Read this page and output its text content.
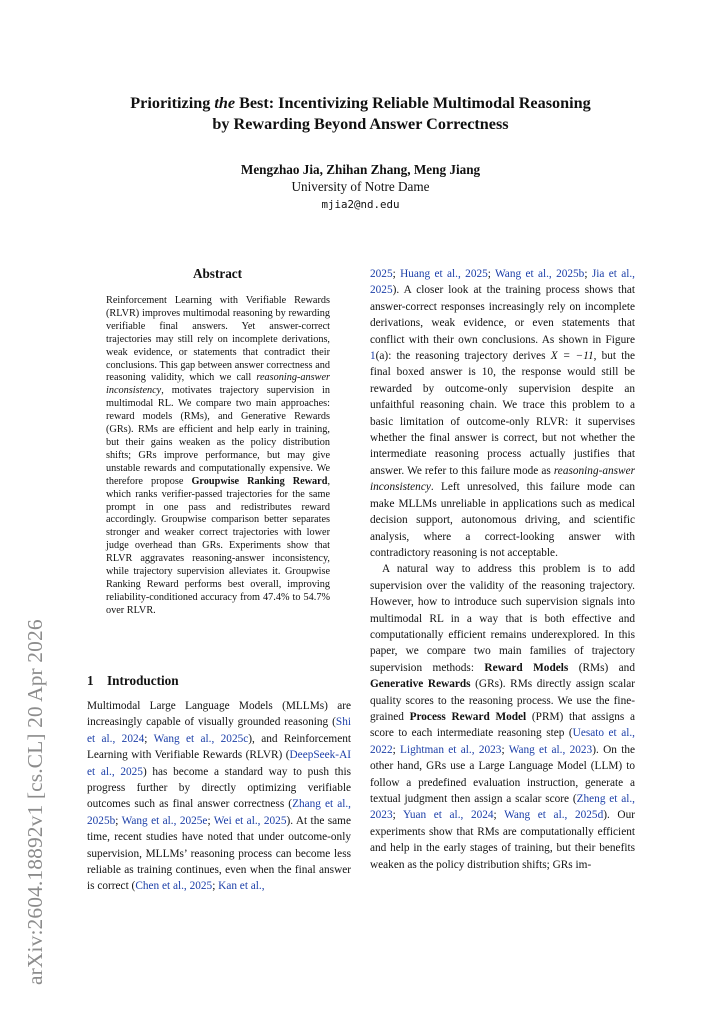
Prioritizing the Best: Incentivizing Reliable Multimodal Reasoning
by Rewarding Beyond Answer Correctness
Mengzhao Jia, Zhihan Zhang, Meng Jiang
University of Notre Dame
mjia2@nd.edu
arXiv:2604.18892v1 [cs.CL] 20 Apr 2026
Abstract
Reinforcement Learning with Verifiable Rewards (RLVR) improves multimodal reasoning by rewarding verifiable final answers. Yet answer-correct trajectories may still rely on incomplete derivations, weak evidence, or statements that contradict their conclusions. This gap between answer correctness and reasoning validity, which we call reasoning-answer inconsistency, motivates trajectory supervision in multimodal RL. We compare two main approaches: reward models (RMs), and Generative Rewards (GRs). RMs are efficient and help early in training, but their gains weaken as the policy distribution shifts; GRs improve performance, but may give unstable rewards and computationally expensive. We therefore propose Groupwise Ranking Reward, which ranks verifier-passed trajectories for the same prompt in one pass and redistributes reward accordingly. Groupwise comparison better separates stronger and weaker correct trajectories with lower judge overhead than GRs. Experiments show that RLVR aggravates reasoning-answer inconsistency, while trajectory supervision alleviates it. Groupwise Ranking Reward performs best overall, improving reliability-conditioned accuracy from 47.4% to 54.7% over RLVR.
1 Introduction

Multimodal Large Language Models (MLLMs) are increasingly capable of visually grounded reasoning (Shi et al., 2024; Wang et al., 2025c), and Reinforcement Learning with Verifiable Rewards (RLVR) (DeepSeek-AI et al., 2025) has become a standard way to push this progress further by directly optimizing verifiable outcomes such as final answer correctness (Zhang et al., 2025b; Wang et al., 2025e; Wei et al., 2025). At the same time, recent studies have noted that under outcome-only supervision, MLLMs’ reasoning process can become less reliable as training continues, even when the final answer is correct (Chen et al., 2025; Kan et al.,

2025; Huang et al., 2025; Wang et al., 2025b; Jia et al., 2025). A closer look at the training process shows that answer-correct responses increasingly rely on incomplete derivations, weak evidence, or even statements that conflict with their own conclusions. As shown in Figure 1(a): the reasoning trajectory derives X = −11, but the final boxed answer is 10, the response would still be rewarded by outcome-only supervision despite an unfaithful reasoning chain. We trace this problem to a basic limitation of outcome-only RLVR: it supervises whether the final answer is correct, but not whether the intermediate reasoning process actually justifies that answer. We refer to this failure mode as reasoning-answer inconsistency. Left unresolved, this failure mode can make MLLMs unreliable in applications such as medical decision support, autonomous driving, and scientific analysis, where a correct-looking answer with contradictory reasoning is not acceptable.

A natural way to address this problem is to add supervision over the validity of the reasoning trajectory. However, how to introduce such supervision signals into multimodal RL in a way that is both effective and computationally efficient remains underexplored. In this paper, we compare two main families of trajectory supervision methods: Reward Models (RMs) and Generative Rewards (GRs). RMs directly assign scalar quality scores to the reasoning process. We use the fine-grained Process Reward Model (PRM) that assigns a score to each intermediate reasoning step (Uesato et al., 2022; Lightman et al., 2023; Wang et al., 2023). On the other hand, GRs use a Large Language Model (LLM) to follow a predefined evaluation instruction, generate a textual judgment then assign a scalar score (Zheng et al., 2023; Yuan et al., 2024; Wang et al., 2025d). Our experiments show that RMs are computationally efficient and help in the early stages of training, but their benefits weaken as the policy distribution shifts; GRs im-
